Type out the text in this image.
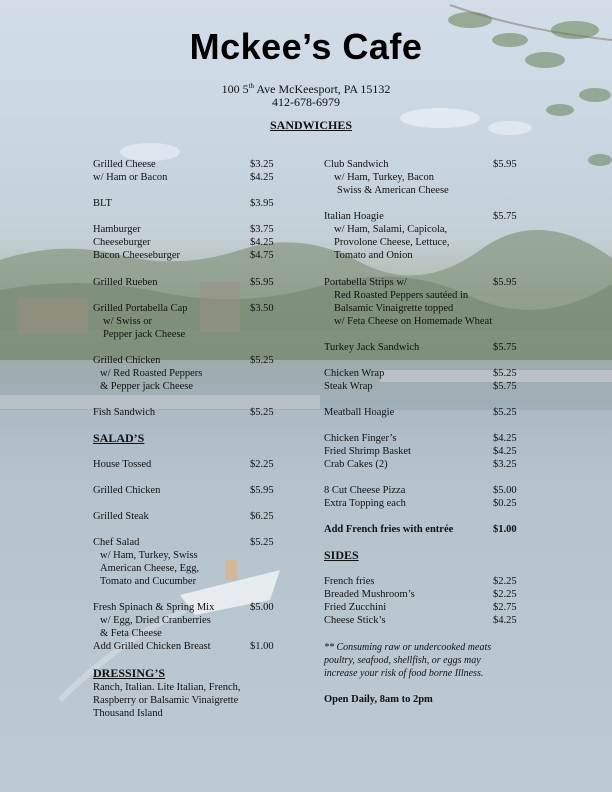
Mckee’s Cafe
100 5th Ave McKeesport, PA 15132
412-678-6979
SANDWICHES
Grilled Cheese	$3.25
w/ Ham or Bacon	$4.25
BLT	$3.95
Hamburger	$3.75
Cheeseburger	$4.25
Bacon Cheeseburger	$4.75
Grilled Rueben	$5.95
Grilled Portabella Cap	$3.50
w/ Swiss or
Pepper jack Cheese
Grilled Chicken	$5.25
w/ Red Roasted Peppers
& Pepper jack Cheese
Fish Sandwich	$5.25
SALAD’S
House Tossed	$2.25
Grilled Chicken	$5.95
Grilled Steak	$6.25
Chef Salad	$5.25
w/ Ham, Turkey, Swiss
American Cheese, Egg,
Tomato and Cucumber
Fresh Spinach & Spring Mix	$5.00
w/ Egg, Dried Cranberries
& Feta Cheese
Add Grilled Chicken Breast	$1.00
DRESSING’S
Ranch, Italian. Lite Italian, French,
Raspberry or Balsamic Vinaigrette
Thousand Island
Club Sandwich	$5.95
w/ Ham, Turkey, Bacon
Swiss & American Cheese
Italian Hoagie	$5.75
w/ Ham, Salami, Capicola,
Provolone Cheese, Lettuce,
Tomato and Onion
Portabella Strips w/	$5.95
Red Roasted Peppers sautéed in
Balsamic Vinaigrette topped
w/ Feta Cheese on Homemade Wheat
Turkey Jack Sandwich	$5.75
Chicken Wrap	$5.25
Steak Wrap	$5.75
Meatball Hoagie	$5.25
Chicken Finger’s	$4.25
Fried Shrimp Basket	$4.25
Crab Cakes (2)	$3.25
8 Cut Cheese Pizza	$5.00
Extra Topping each	$0.25
Add French fries with entrée	$1.00
SIDES
French fries	$2.25
Breaded Mushroom’s	$2.25
Fried Zucchini	$2.75
Cheese Stick’s	$4.25
** Consuming raw or undercooked meats
poultry, seafood, shellfish, or eggs may
increase your risk of food borne Illness.
Open Daily, 8am to 2pm
